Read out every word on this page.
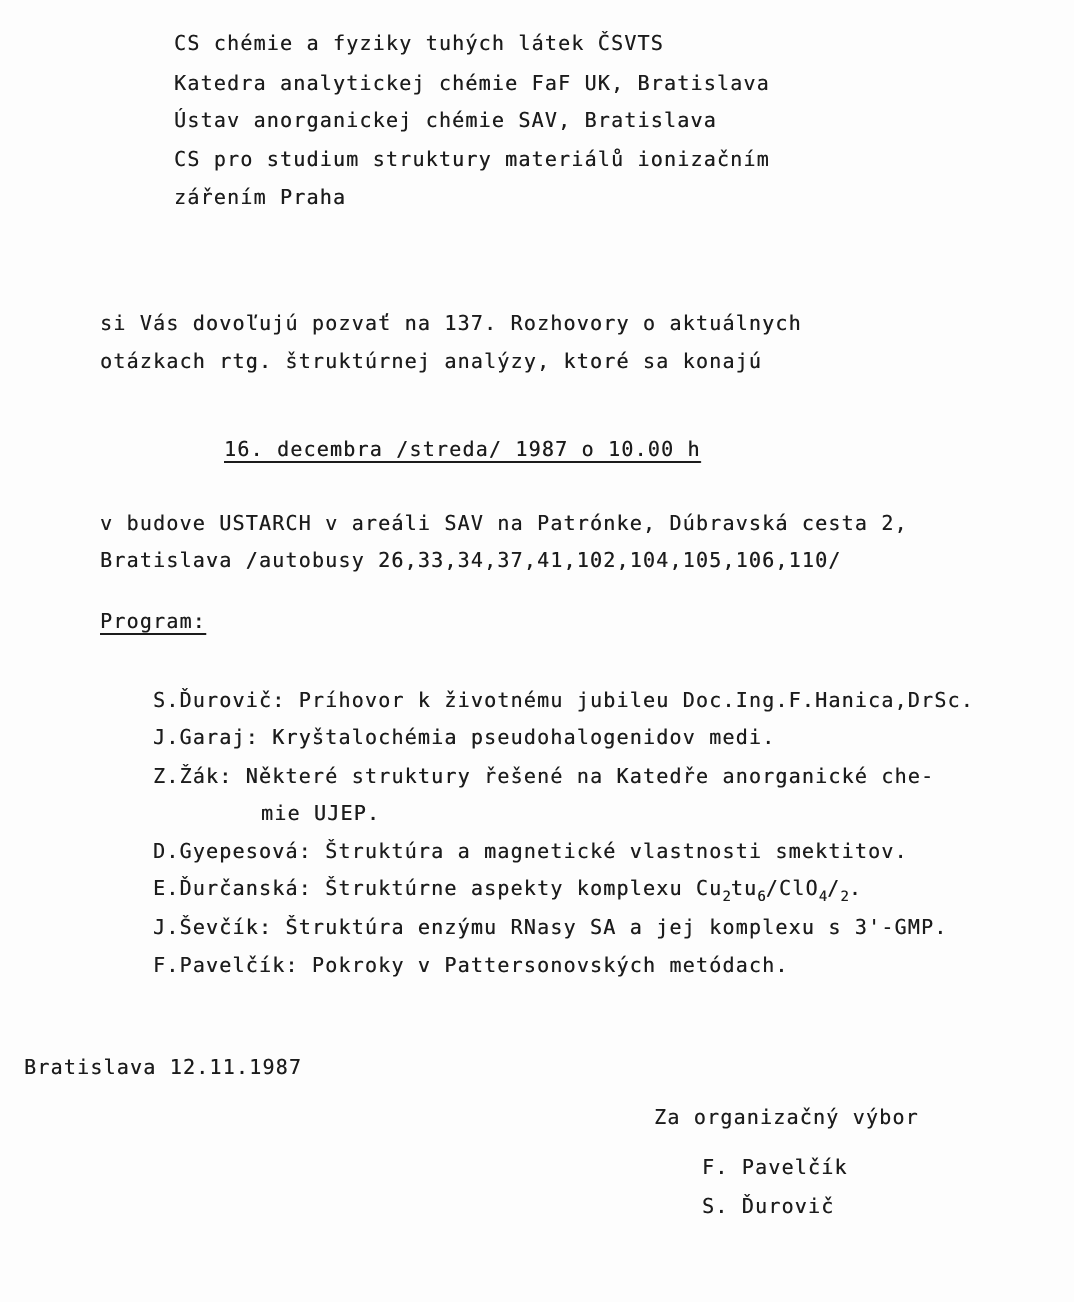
CS chémie a fyziky tuhých látek ČSVTS
Katedra analytickej chémie FaF UK, Bratislava
Ústav anorganickej chémie SAV, Bratislava
CS pro studium struktury materiálů ionizačním
zářením Praha
si Vás dovoľujú pozvať na 137. Rozhovory o aktuálnych
otázkach rtg. štruktúrnej analýzy, ktoré sa konajú
16. decembra /streda/ 1987 o 10.00 h
v budove USTARCH v areáli SAV na Patrónke, Dúbravská cesta 2,
Bratislava /autobusy 26,33,34,37,41,102,104,105,106,110/
Program:

S.Ďurovič: Príhovor k životnému jubileu Doc.Ing.F.Hanica,DrSc.

J.Garaj: Kryštalochémia pseudohalogenidov medi.

Z.Žák: Některé struktury řešené na Katedře anorganické che-

mie UJEP.

D.Gyepesová: Štruktúra a magnetické vlastnosti smektitov.

E.Ďurčanská: Štruktúrne aspekty komplexu $Cu_2tu_6/ClO_4/_2$.

J.Ševčík: Štruktúra enzýmu RNasy SA a jej komplexu s 3'-GMP.

F.Pavelčík: Pokroky v Pattersonovských metódach.

Bratislava 12.11.1987
Za organizačný výbor
F. Pavelčík
S. Ďurovič
